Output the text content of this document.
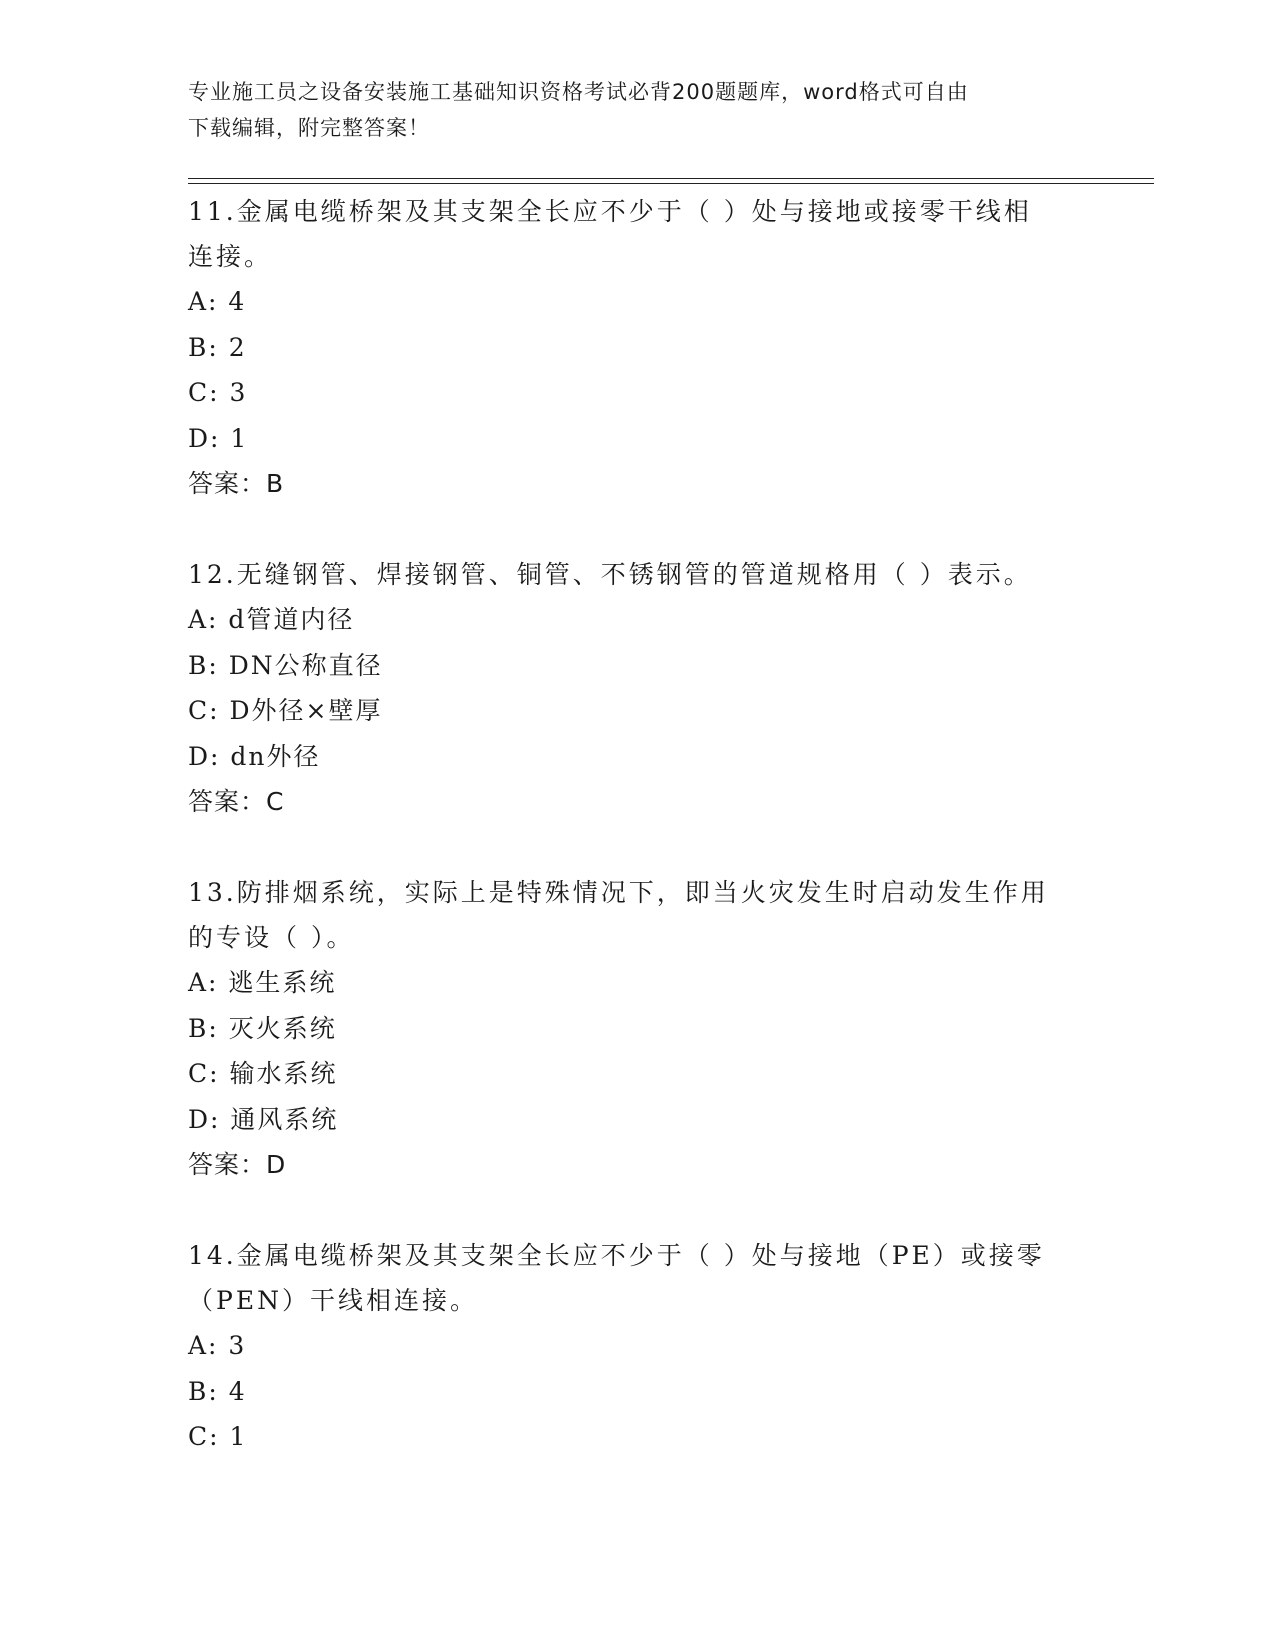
专业施工员之设备安装施工基础知识资格考试必背200题题库，word格式可自由
下载编辑，附完整答案！

11.金属电缆桥架及其支架全长应不少于（ ）处与接地或接零干线相

连接。

A: 4
B: 2
C: 3
D: 1

答案：B

12.无缝钢管、焊接钢管、铜管、不锈钢管的管道规格用（ ）表示。

A: d管道内径
B: DN公称直径
C: D外径×壁厚
D: dn外径

答案：C

13.防排烟系统，实际上是特殊情况下，即当火灾发生时启动发生作用

的专设（ ）。

A: 逃生系统
B: 灭火系统
C: 输水系统
D: 通风系统

答案：D

14.金属电缆桥架及其支架全长应不少于（ ）处与接地（PE）或接零

（PEN）干线相连接。

A: 3
B: 4
C: 1
